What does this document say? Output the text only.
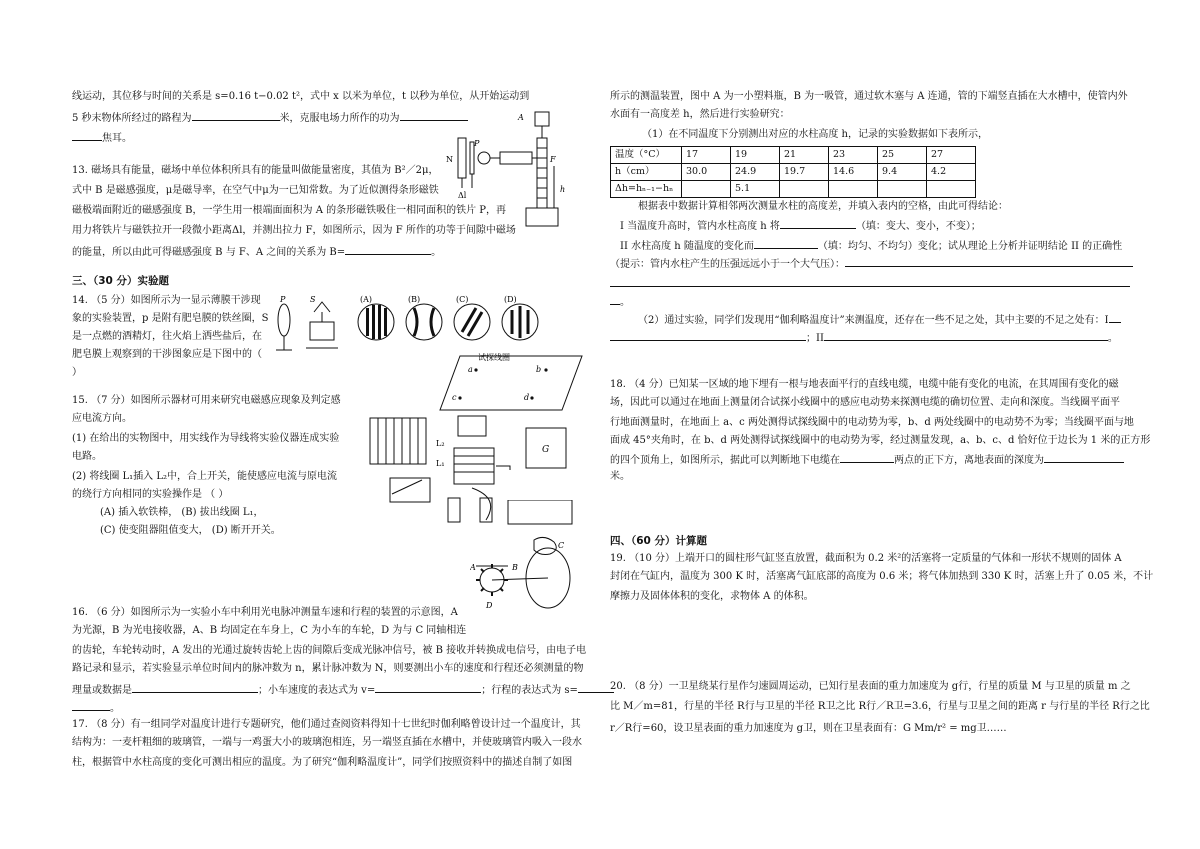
线运动，其位移与时间的关系是 s=0.16 t−0.02 t²，式中 x 以米为单位，t 以秒为单位，从开始运动到

5 秒末物体所经过的路程为	米，克服电场力所作的功为

焦耳。

13. 磁场具有能量，磁场中单位体积所具有的能量叫做能量密度，其值为 B²／2μ，

式中 B 是磁感强度，μ是磁导率，在空气中μ为一已知常数。为了近似测得条形磁铁

磁极端面附近的磁感强度 B，一学生用一根端面面积为 A 的条形磁铁吸住一相同面积的铁片 P，再

用力将铁片与磁铁拉开一段微小距离Δl，并测出拉力 F，如图所示，因为 F 所作的功等于间隙中磁场

的能量，所以由此可得磁感强度 B 与 F、A 之间的关系为 B=	。

三、（30 分）实验题

14. （5 分）如图所示为一显示薄膜干涉现

象的实验装置，p 是附有肥皂膜的铁丝圈，S

是一点燃的酒精灯，往火焰上洒些盐后，在

肥皂膜上观察到的干涉图象应是下图中的（

）

15. （7 分）如图所示器材可用来研究电磁感应现象及判定感

应电流方向。

(1) 在给出的实物图中，用实线作为导线将实验仪器连成实验

电路。

(2) 将线圈 L₁插入 L₂中，合上开关，能使感应电流与原电流

的绕行方向相同的实验操作是 （ ）

(A) 插入软铁棒， (B) 拔出线圈 L₁，

(C) 使变阻器阻值变大， (D) 断开开关。

16. （6 分）如图所示为一实验小车中利用光电脉冲测量车速和行程的装置的示意图，A

为光源，B 为光电接收器，A、B 均固定在车身上，C 为小车的车轮，D 为与 C 同轴相连

的齿轮，车轮转动时，A 发出的光通过旋转齿轮上齿的间隙后变成光脉冲信号，被 B 接收并转换成电信号，由电子电

路记录和显示，若实验显示单位时间内的脉冲数为 n，累计脉冲数为 N，则要测出小车的速度和行程还必须测量的物

理量或数据是	；小车速度的表达式为 v=	；行程的表达式为 s=

。

17. （8 分）有一组同学对温度计进行专题研究，他们通过查阅资料得知十七世纪时伽利略曾设计过一个温度计，其

结构为：一麦杆粗细的玻璃管，一端与一鸡蛋大小的玻璃泡相连，另一端竖直插在水槽中，并使玻璃管内吸入一段水

柱，根据管中水柱高度的变化可测出相应的温度。为了研究“伽利略温度计”，同学们按照资料中的描述自制了如图

所示的测温装置，图中 A 为一小塑料瓶，B 为一吸管，通过软木塞与 A 连通，管的下端竖直插在大水槽中，使管内外

水面有一高度差 h，然后进行实验研究：

（1）在不同温度下分别测出对应的水柱高度 h，记录的实验数据如下表所示，

根据表中数据计算相邻两次测量水柱的高度差，并填入表内的空格，由此可得结论：

I 当温度升高时，管内水柱高度 h 将	（填：变大、变小，不变）；

II 水柱高度 h 随温度的变化而	（填：均匀、不均匀）变化；试从理论上分析并证明结论 II 的正确性

（提示：管内水柱产生的压强远远小于一个大气压）：

。

（2）通过实验，同学们发现用“伽利略温度计”来测温度，还存在一些不足之处，其中主要的不足之处有：I

；II	。

18. （4 分）已知某一区域的地下埋有一根与地表面平行的直线电缆，电缆中能有变化的电流，在其周围有变化的磁

场，因此可以通过在地面上测量闭合试探小线圈中的感应电动势来探测电缆的确切位置、走向和深度。当线圈平面平

行地面测量时，在地面上 a、c 两处测得试探线圈中的电动势为零，b、d 两处线圈中的电动势不为零；当线圈平面与地

面成 45°夹角时，在 b、d 两处测得试探线圈中的电动势为零，经过测量发现，a、b、c、d 恰好位于边长为 1 米的正方形

的四个顶角上，如图所示，据此可以判断地下电缆在	两点的正下方，离地表面的深度为

米。

四、（60 分）计算题

19. （10 分）上端开口的圆柱形气缸竖直放置，截面积为 0.2 米²的活塞将一定质量的气体和一形状不规则的固体 A

封闭在气缸内，温度为 300 K 时，活塞离气缸底部的高度为 0.6 米；将气体加热到 330 K 时，活塞上升了 0.05 米，不计

摩擦力及固体体积的变化，求物体 A 的体积。

20. （8 分）一卫星绕某行星作匀速圆周运动，已知行星表面的重力加速度为 g行，行星的质量 M 与卫星的质量 m 之

比 M／m=81，行星的半径 R行与卫星的半径 R卫之比 R行／R卫=3.6，行星与卫星之间的距离 r 与行星的半径 R行之比

r／R行=60，设卫星表面的重力加速度为 g卫，则在卫星表面有：G Mm/r² = mg卫……

温度（°C）	17	19	21	23	25	27
h（cm）	30.0	24.9	19.7	14.6	9.4	4.2
Δh=hₙ₋₁−hₙ		5.1				
A
N
P
F
Δl
h
P	S	(A)	(B)	(C)	(D)
试探线圈
a	b
d
c
L₁
L₂
G
A	B
C
D
